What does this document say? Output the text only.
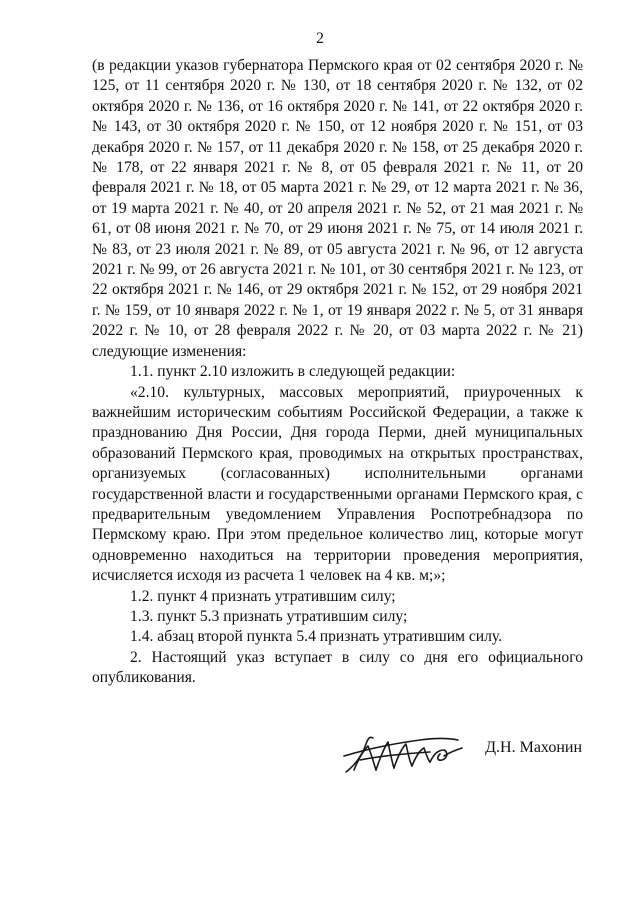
2

(в редакции указов губернатора Пермского края от 02 сентября 2020 г. № 125, от 11 сентября 2020 г. № 130, от 18 сентября 2020 г. № 132, от 02 октября 2020 г. № 136, от 16 октября 2020 г. № 141, от 22 октября 2020 г. № 143, от 30 октября 2020 г. № 150, от 12 ноября 2020 г. № 151, от 03 декабря 2020 г. № 157, от 11 декабря 2020 г. № 158, от 25 декабря 2020 г. № 178, от 22 января 2021 г. № 8, от 05 февраля 2021 г. № 11, от 20 февраля 2021 г. № 18, от 05 марта 2021 г. № 29, от 12 марта 2021 г. № 36, от 19 марта 2021 г. № 40, от 20 апреля 2021 г. № 52, от 21 мая 2021 г. № 61, от 08 июня 2021 г. № 70, от 29 июня 2021 г. № 75, от 14 июля 2021 г. № 83, от 23 июля 2021 г. № 89, от 05 августа 2021 г. № 96, от 12 августа 2021 г. № 99, от 26 августа 2021 г. № 101, от 30 сентября 2021 г. № 123, от 22 октября 2021 г. № 146, от 29 октября 2021 г. № 152, от 29 ноября 2021 г. № 159, от 10 января 2022 г. № 1, от 19 января 2022 г. № 5, от 31 января 2022 г. № 10, от 28 февраля 2022 г. № 20, от 03 марта 2022 г. № 21) следующие изменения:

1.1. пункт 2.10 изложить в следующей редакции:

«2.10. культурных, массовых мероприятий, приуроченных к важнейшим историческим событиям Российской Федерации, а также к празднованию Дня России, Дня города Перми, дней муниципальных образований Пермского края, проводимых на открытых пространствах, организуемых (согласованных) исполнительными органами государственной власти и государственными органами Пермского края, с предварительным уведомлением Управления Роспотребнадзора по Пермскому краю. При этом предельное количество лиц, которые могут одновременно находиться на территории проведения мероприятия, исчисляется исходя из расчета 1 человек на 4 кв. м;»;

1.2. пункт 4 признать утратившим силу;

1.3. пункт 5.3 признать утратившим силу;

1.4. абзац второй пункта 5.4 признать утратившим силу.

2. Настоящий указ вступает в силу со дня его официального опубликования.

Д.Н. Махонин
